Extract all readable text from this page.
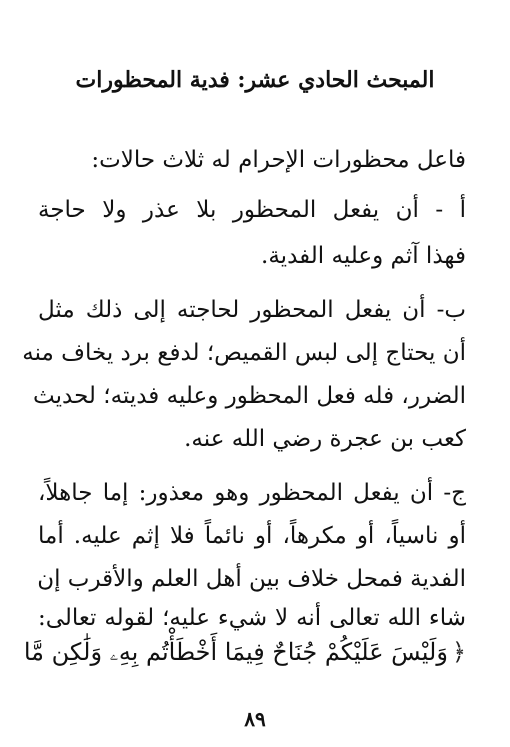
المبحث الحادي عشر: فدية المحظورات
فاعل محظورات الإحرام له ثلاث حالات:
أ - أن يفعل المحظور بلا عذر ولا حاجة
فهذا آثم وعليه الفدية.
ب- أن يفعل المحظور لحاجته إلى ذلك مثل
أن يحتاج إلى لبس القميص؛ لدفع برد يخاف منه
الضرر، فله فعل المحظور وعليه فديته؛ لحديث
كعب بن عجرة رضي الله عنه.
ج- أن يفعل المحظور وهو معذور: إما جاهلاً،
أو ناسياً، أو مكرهاً، أو نائماً فلا إثم عليه. أما
الفدية فمحل خلاف بين أهل العلم والأقرب إن
شاء الله تعالى أنه لا شيء عليه؛ لقوله تعالى:
﴿وَلَيْسَ عَلَيْكُمْ جُنَاحٌ فِيمَا أَخْطَأْتُم بِهِۦ وَلَٰكِن مَّا
٨٩
